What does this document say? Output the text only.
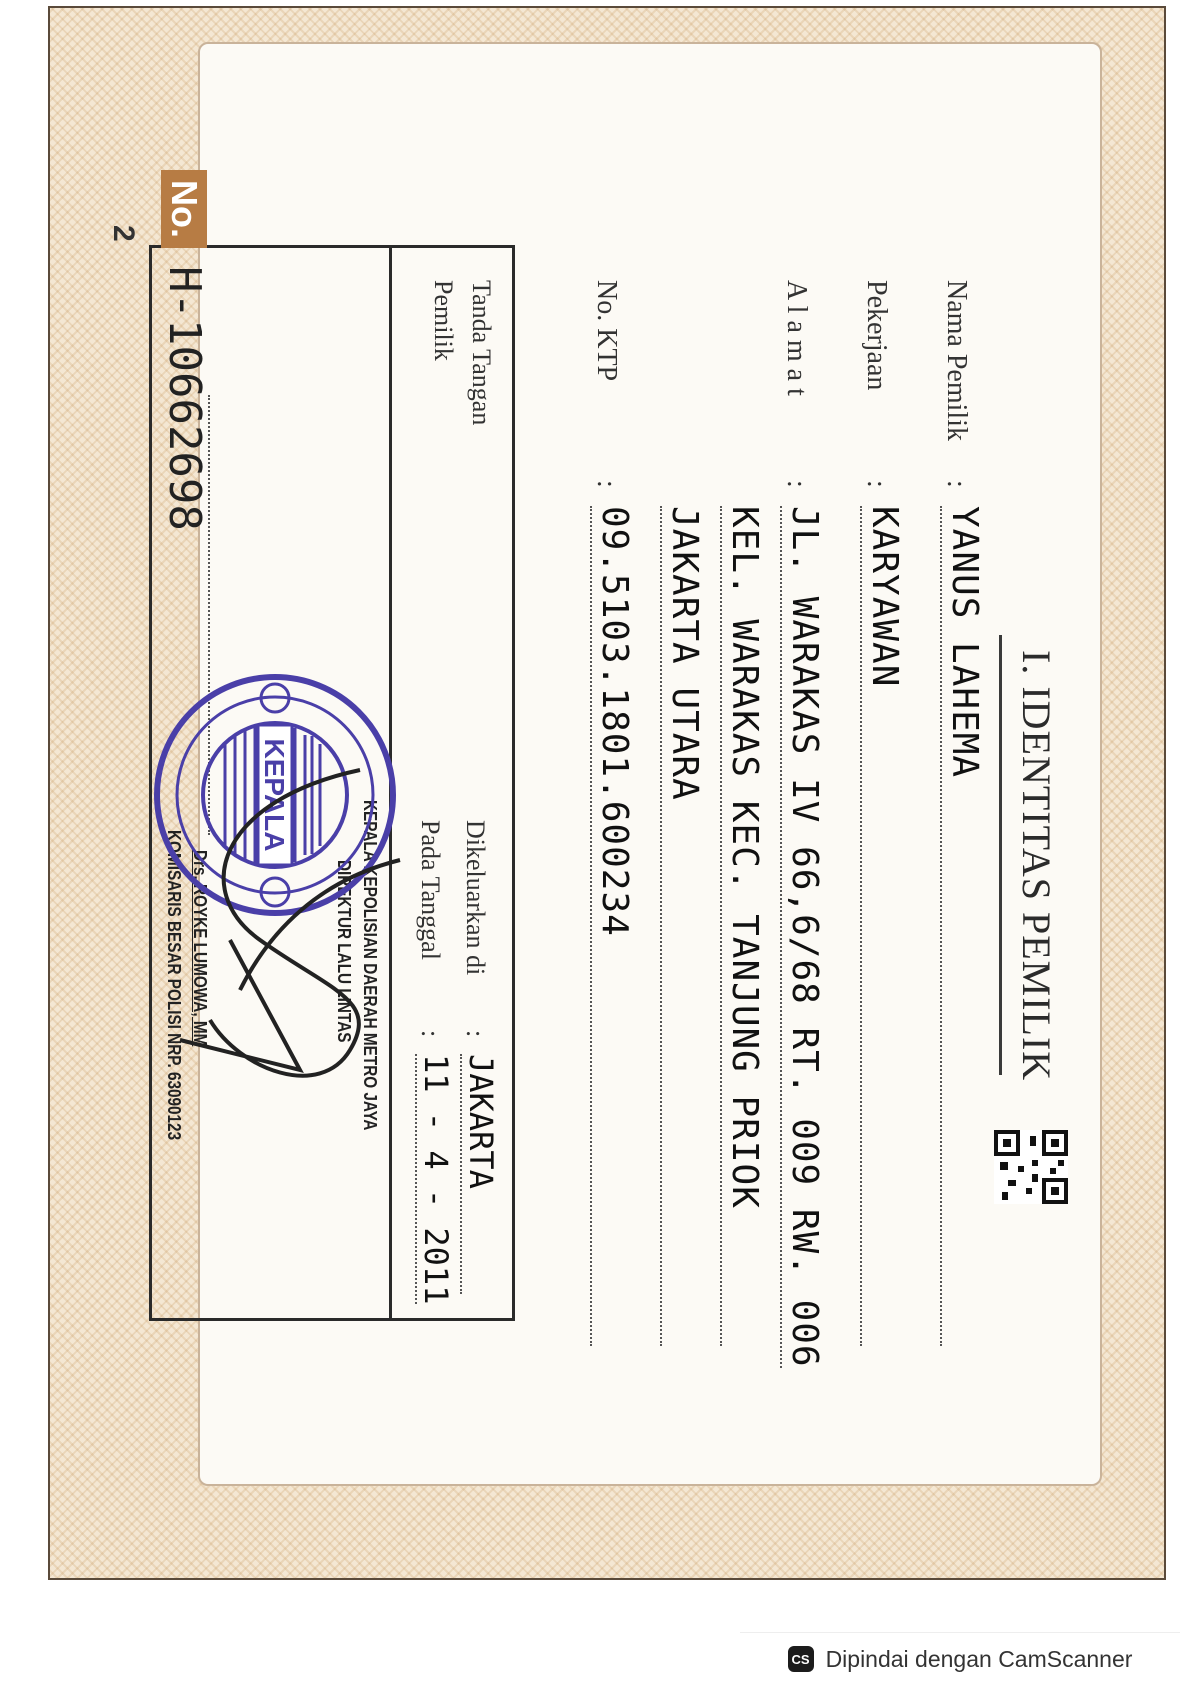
I. IDENTITAS PEMILIK
Nama Pemilik
:
YANUS LAHEMA
Pekerjaan
:
KARYAWAN
A l a m a t
:
JL. WARAKAS IV 66,6/68 RT. 009 RW. 006
KEL. WARAKAS KEC. TANJUNG PRIOK
JAKARTA UTARA
No. KTP
:
09.5103.1801.600234
Tanda Tangan
Pemilik
Dikeluarkan di
:
JAKARTA
Pada Tanggal
:
11 - 4 - 2011
KEPALA KEPOLISIAN DAERAH METRO JAYA
DIREKTUR LALU LINTAS
Drs. ROYKE LUMOWA, MM
KOMISARIS BESAR POLISI NRP. 63090123
KEPALA
No.
H-10662698
2
CS Dipindai dengan CamScanner
